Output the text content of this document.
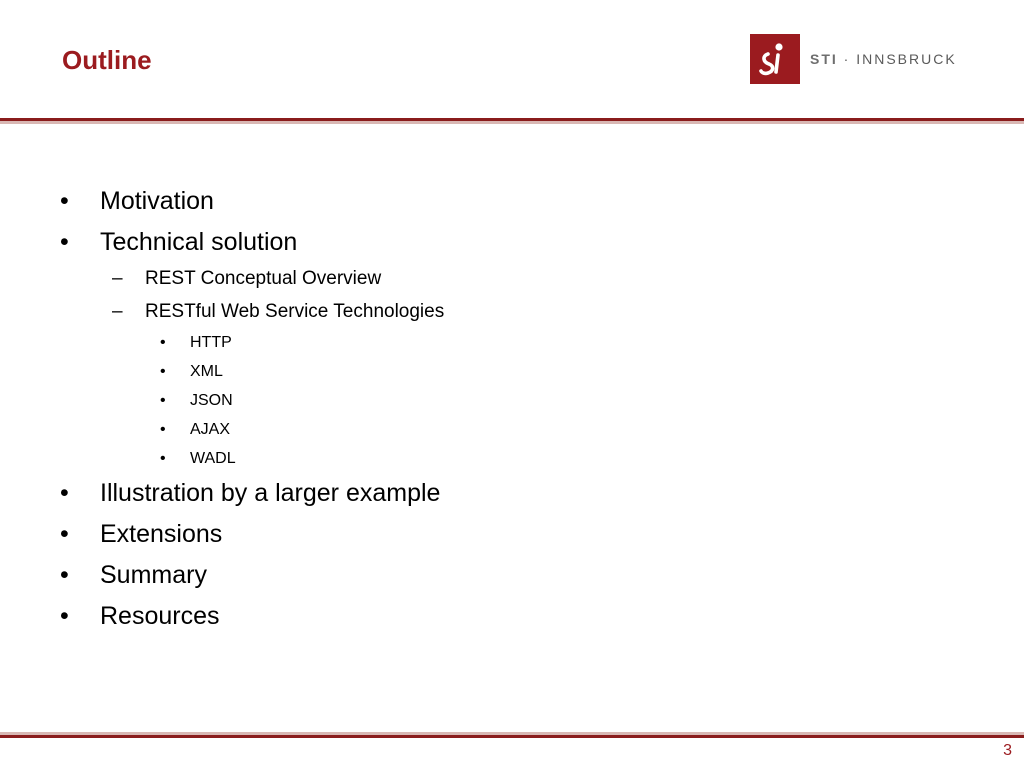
Outline	STI · INNSBRUCK
•	Motivation
•	Technical solution
–	REST Conceptual Overview
–	RESTful Web Service Technologies
•	HTTP
•	XML
•	JSON
•	AJAX
•	WADL
•	Illustration by a larger example
•	Extensions
•	Summary
•	Resources
3
